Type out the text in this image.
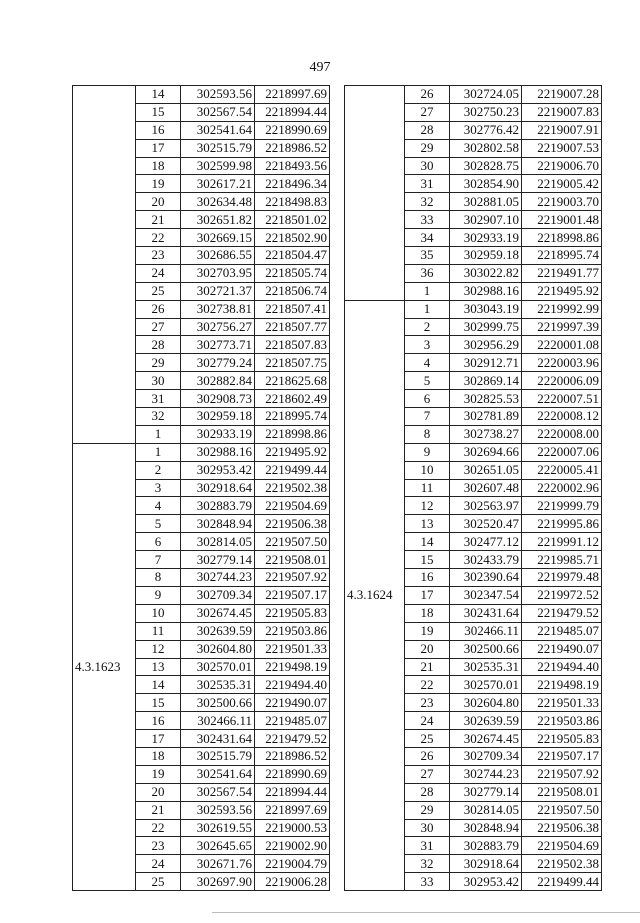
497
	14	302593.56	2218997.69
	15	302567.54	2218994.44
	16	302541.64	2218990.69
	17	302515.79	2218986.52
	18	302599.98	2218493.56
	19	302617.21	2218496.34
	20	302634.48	2218498.83
	21	302651.82	2218501.02
	22	302669.15	2218502.90
	23	302686.55	2218504.47
	24	302703.95	2218505.74
	25	302721.37	2218506.74
	26	302738.81	2218507.41
	27	302756.27	2218507.77
	28	302773.71	2218507.83
	29	302779.24	2218507.75
	30	302882.84	2218625.68
	31	302908.73	2218602.49
	32	302959.18	2218995.74
	1	302933.19	2218998.86
4.3.1623	1	302988.16	2219495.92
	2	302953.42	2219499.44
	3	302918.64	2219502.38
	4	302883.79	2219504.69
	5	302848.94	2219506.38
	6	302814.05	2219507.50
	7	302779.14	2219508.01
	8	302744.23	2219507.92
	9	302709.34	2219507.17
	10	302674.45	2219505.83
	11	302639.59	2219503.86
	12	302604.80	2219501.33
	13	302570.01	2219498.19
	14	302535.31	2219494.40
	15	302500.66	2219490.07
	16	302466.11	2219485.07
	17	302431.64	2219479.52
	18	302515.79	2218986.52
	19	302541.64	2218990.69
	20	302567.54	2218994.44
	21	302593.56	2218997.69
	22	302619.55	2219000.53
	23	302645.65	2219002.90
	24	302671.76	2219004.79
	25	302697.90	2219006.28
	26	302724.05	2219007.28
	27	302750.23	2219007.83
	28	302776.42	2219007.91
	29	302802.58	2219007.53
	30	302828.75	2219006.70
	31	302854.90	2219005.42
	32	302881.05	2219003.70
	33	302907.10	2219001.48
	34	302933.19	2218998.86
	35	302959.18	2218995.74
	36	303022.82	2219491.77
	1	302988.16	2219495.92
4.3.1624	1	303043.19	2219992.99
	2	302999.75	2219997.39
	3	302956.29	2220001.08
	4	302912.71	2220003.96
	5	302869.14	2220006.09
	6	302825.53	2220007.51
	7	302781.89	2220008.12
	8	302738.27	2220008.00
	9	302694.66	2220007.06
	10	302651.05	2220005.41
	11	302607.48	2220002.96
	12	302563.97	2219999.79
	13	302520.47	2219995.86
	14	302477.12	2219991.12
	15	302433.79	2219985.71
	16	302390.64	2219979.48
	17	302347.54	2219972.52
	18	302431.64	2219479.52
	19	302466.11	2219485.07
	20	302500.66	2219490.07
	21	302535.31	2219494.40
	22	302570.01	2219498.19
	23	302604.80	2219501.33
	24	302639.59	2219503.86
	25	302674.45	2219505.83
	26	302709.34	2219507.17
	27	302744.23	2219507.92
	28	302779.14	2219508.01
	29	302814.05	2219507.50
	30	302848.94	2219506.38
	31	302883.79	2219504.69
	32	302918.64	2219502.38
	33	302953.42	2219499.44
